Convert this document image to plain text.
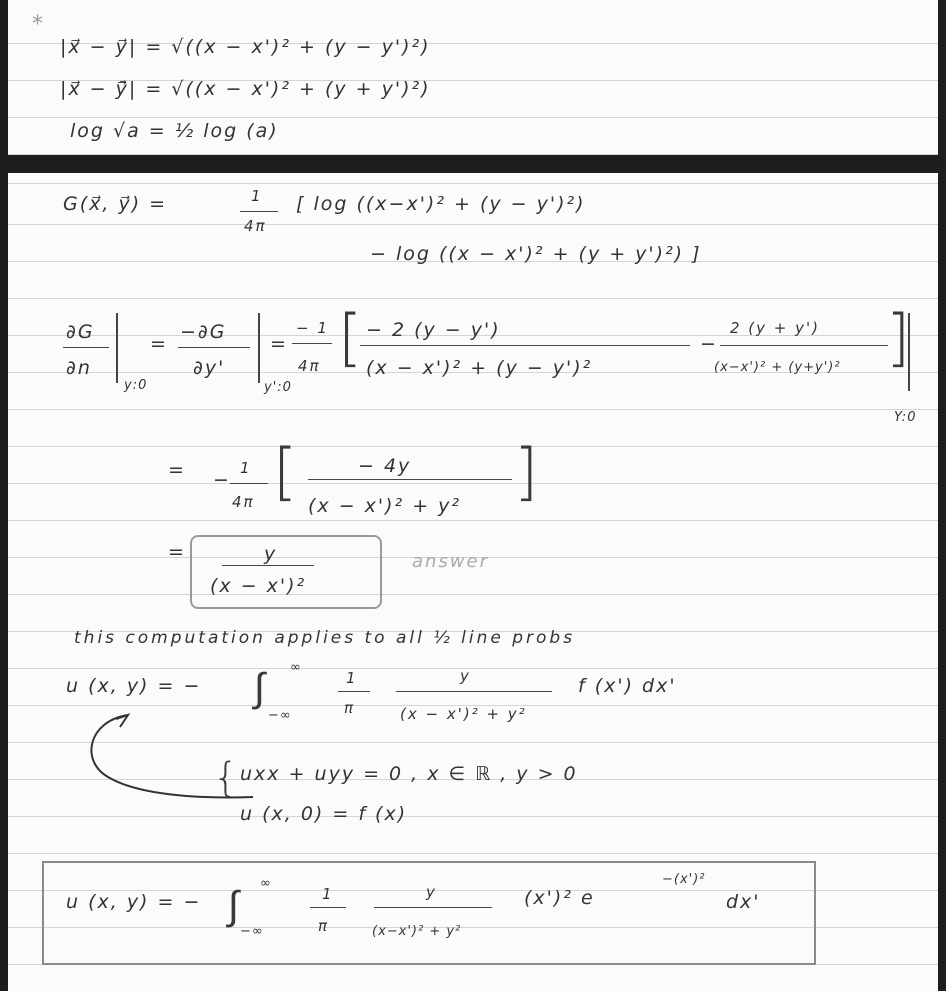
*
|x⃗ − y⃗| = √((x − x')² + (y − y')²)
|x⃗ − ȳ⃗| = √((x − x')² + (y + y')²)
log √a = ½ log (a)
G(x⃗, y⃗) =	1
4π
[ log ((x−x')² + (y − y')²)
− log ((x − x')² + (y + y')²) ]
∂G
∂n
y:0
=
−∂G
∂y'
y':0
=
− 1
4π [ − 2 (y − y')
(x − x')² + (y − y')²
−
2 (y + y')
(x−x')² + (y+y')² ]
Y:0
= −
1
4π [	− 4y
(x − x')² + y² ]
=	y
(x − x')²
answer
this computation applies to all ½ line probs
u (x, y) = − ∫ ∞
−∞
1
π
y
(x − x')² + y²
f (x') dx'
{ uxx + uyy = 0 , x ∈ ℝ , y > 0
u (x, 0) = f (x)
u (x, y) = − ∫ ∞
−∞
1
π
y
(x−x')² + y²
(x')² e
−(x')²
dx'
